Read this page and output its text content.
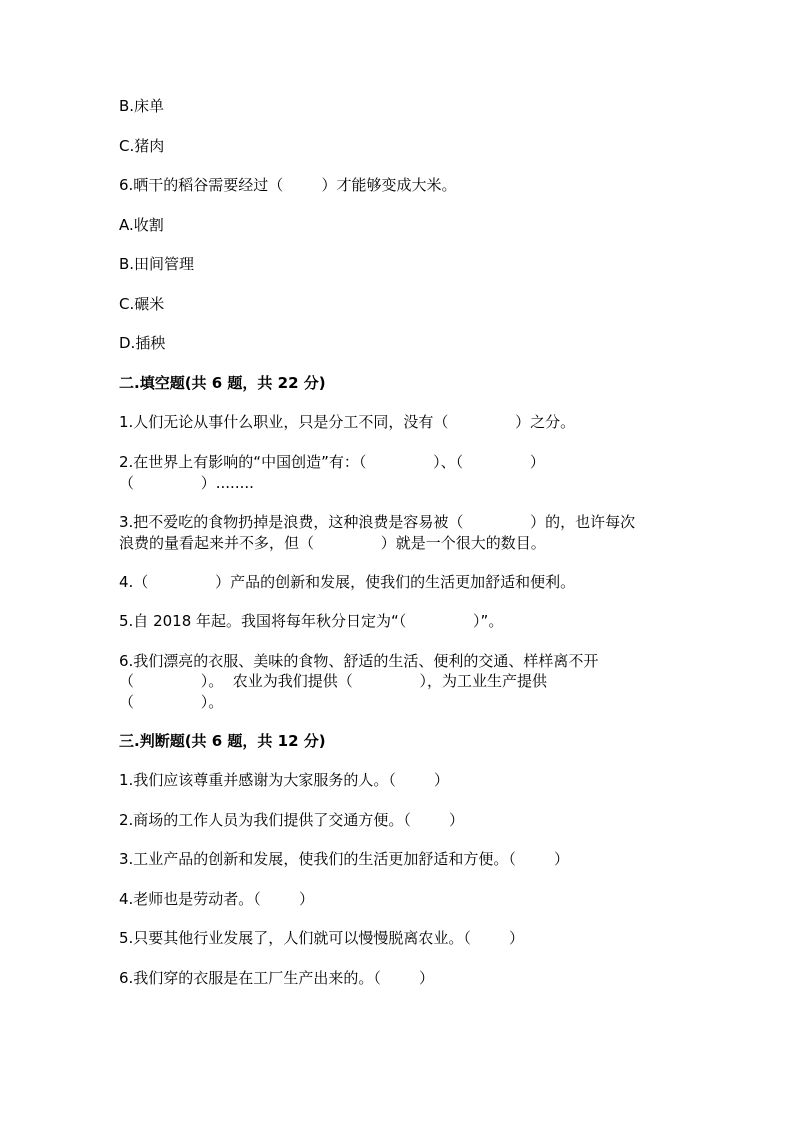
B.床单
C.猪肉
6.晒干的稻谷需要经过（        ）才能够变成大米。
A.收割
B.田间管理
C.碾米
D.插秧
二.填空题(共 6 题，共 22 分)
1.人们无论从事什么职业，只是分工不同，没有（              ）之分。
2.在世界上有影响的“中国创造”有：（              ）、（              ）
（              ）........
3.把不爱吃的食物扔掉是浪费，这种浪费是容易被（              ）的，也许每次
浪费的量看起来并不多，但（              ）就是一个很大的数目。
4.（              ）产品的创新和发展，使我们的生活更加舒适和便利。
5.自 2018 年起。我国将每年秋分日定为“（              ）”。
6.我们漂亮的衣服、美味的食物、舒适的生活、便利的交通、样样离不开
（              ）。  农业为我们提供（              ），为工业生产提供
（              ）。
三.判断题(共 6 题，共 12 分)
1.我们应该尊重并感谢为大家服务的人。（        ）
2.商场的工作人员为我们提供了交通方便。（        ）
3.工业产品的创新和发展，使我们的生活更加舒适和方便。（        ）
4.老师也是劳动者。（        ）
5.只要其他行业发展了，人们就可以慢慢脱离农业。（        ）
6.我们穿的衣服是在工厂生产出来的。（        ）
